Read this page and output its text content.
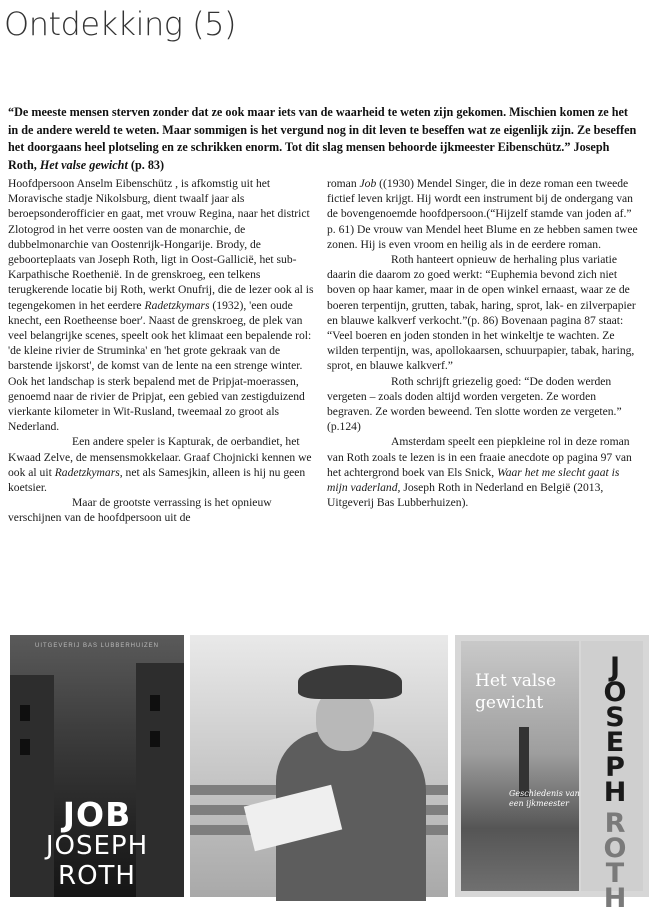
Ontdekking (5)
“De meeste mensen sterven zonder dat ze ook maar iets van de waarheid te weten zijn gekomen. Mischien komen ze het in de andere wereld te weten. Maar sommigen is het vergund nog in dit leven te beseffen wat ze eigenlijk zijn. Ze beseffen het doorgaans heel plotseling en ze schrikken enorm. Tot dit slag mensen behoorde ijkmeester Eibenschütz.” Joseph Roth, Het valse gewicht (p. 83)

Hoofdpersoon Anselm Eibenschütz , is afkomstig uit het Moravische stadje Nikolsburg, dient twaalf jaar als beroepsonderofficier en gaat, met vrouw Regina, naar het district Zlotogrod in het verre oosten van de monarchie, de dubbelmonarchie van Oostenrijk-Hongarije. Brody, de geboorteplaats van Joseph Roth, ligt in Oost-Gallicië, het sub-Karpathische Roethenië. In de grenskroeg, een telkens terugkerende locatie bij Roth, werkt Onufrij, die de lezer ook al is tegengekomen in het eerdere Radetzkymars (1932), 'een oude knecht, een Roetheense boer'. Naast de grenskroeg, de plek van veel belangrijke scenes, speelt ook het klimaat een bepalende rol: 'de kleine rivier de Struminka' en 'het grote gekraak van de barstende ijskorst', de komst van de lente na een strenge winter. Ook het landschap is sterk bepalend met de Pripjat-moerassen, genoemd naar de rivier de Pripjat, een gebied van zestigduizend vierkante kilometer in Wit-Rusland, tweemaal zo groot als Nederland.

Een andere speler is Kapturak, de oerbandiet, het Kwaad Zelve, de mensensmokkelaar. Graaf Chojnicki kennen we ook al uit Radetzkymars, net als Samesjkin, alleen is hij nu geen koetsier.

Maar de grootste verrassing is het opnieuw verschijnen van de hoofdpersoon uit de

roman Job ((1930) Mendel Singer, die in deze roman een tweede fictief leven krijgt. Hij wordt een instrument bij de ondergang van de bovengenoemde hoofdpersoon.(“Hijzelf stamde van joden af.” p. 61) De vrouw van Mendel heet Blume en ze hebben samen twee zonen. Hij is even vroom en heilig als in de eerdere roman.

Roth hanteert opnieuw de herhaling plus variatie daarin die daarom zo goed werkt: “Euphemia bevond zich niet boven op haar kamer, maar in de open winkel ernaast, waar ze de boeren terpentijn, grutten, tabak, haring, sprot, lak- en zilverpapier en blauwe kalkverf verkocht.”(p. 86) Bovenaan pagina 87 staat: “Veel boeren en joden stonden in het winkeltje te wachten. Ze wilden terpentijn, was, apollokaarsen, schuurpapier, tabak, haring, sprot, en blauwe kalkverf.”

Roth schrijft griezelig goed: “De doden werden vergeten – zoals doden altijd worden vergeten. Ze worden begraven. Ze worden beweend. Ten slotte worden ze vergeten.” (p.124)

Amsterdam speelt een piepkleine rol in deze roman van Roth zoals te lezen is in een fraaie anecdote op pagina 97 van het achtergrond boek van Els Snick, Waar het me slecht gaat is mijn vaderland, Joseph Roth in Nederland en België (2013, Uitgeverij Bas Lubberhuizen).

UITGEVERIJ BAS LUBBERHUIZEN
JOB
JOSEPH
ROTH
Het valse
gewicht
Geschiedenis van een ijkmeester
J
O
S
E
P
H
R
O
T
H
